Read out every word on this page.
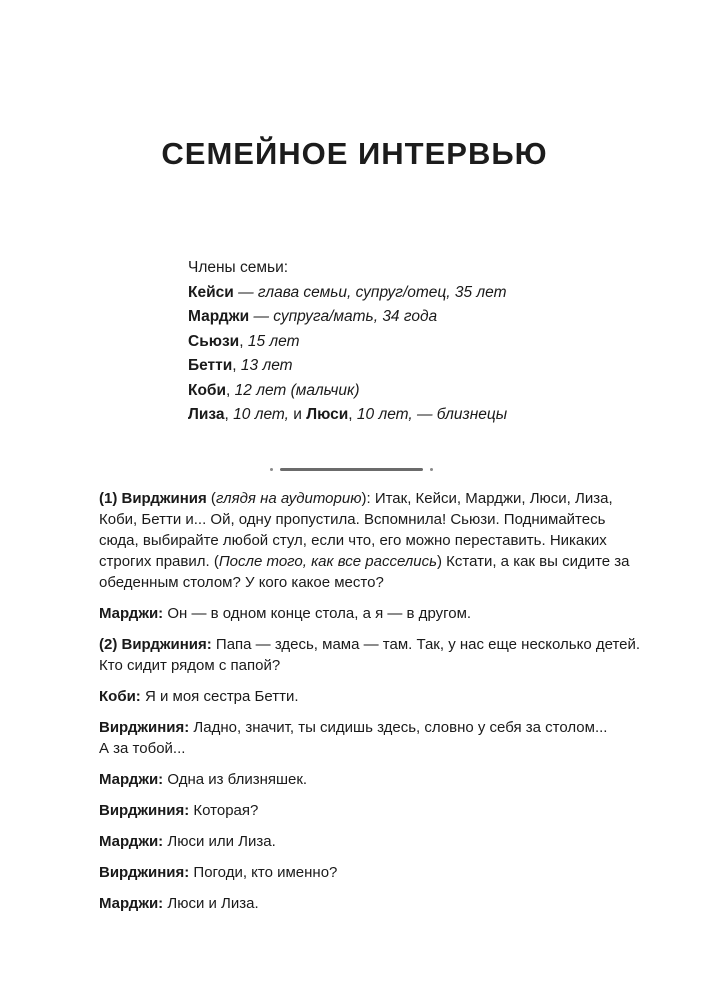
СЕМЕЙНОЕ ИНТЕРВЬЮ
Члены семьи:
Кейси — глава семьи, супруг/отец, 35 лет
Марджи — супруга/мать, 34 года
Сьюзи, 15 лет
Бетти, 13 лет
Коби, 12 лет (мальчик)
Лиза, 10 лет, и Люси, 10 лет, — близнецы

(1) Вирджиния (глядя на аудиторию): Итак, Кейси, Марджи, Люси, Лиза,
Коби, Бетти и... Ой, одну пропустила. Вспомнила! Сьюзи. Поднимайтесь
сюда, выбирайте любой стул, если что, его можно переставить. Никаких
строгих правил. (После того, как все расселись) Кстати, а как вы сидите за
обеденным столом? У кого какое место?

Марджи: Он — в одном конце стола, а я — в другом.

(2) Вирджиния: Папа — здесь, мама — там. Так, у нас еще несколько детей.
Кто сидит рядом с папой?

Коби: Я и моя сестра Бетти.

Вирджиния: Ладно, значит, ты сидишь здесь, словно у себя за столом...
А за тобой...

Марджи: Одна из близняшек.

Вирджиния: Которая?

Марджи: Люси или Лиза.

Вирджиния: Погоди, кто именно?

Марджи: Люси и Лиза.
